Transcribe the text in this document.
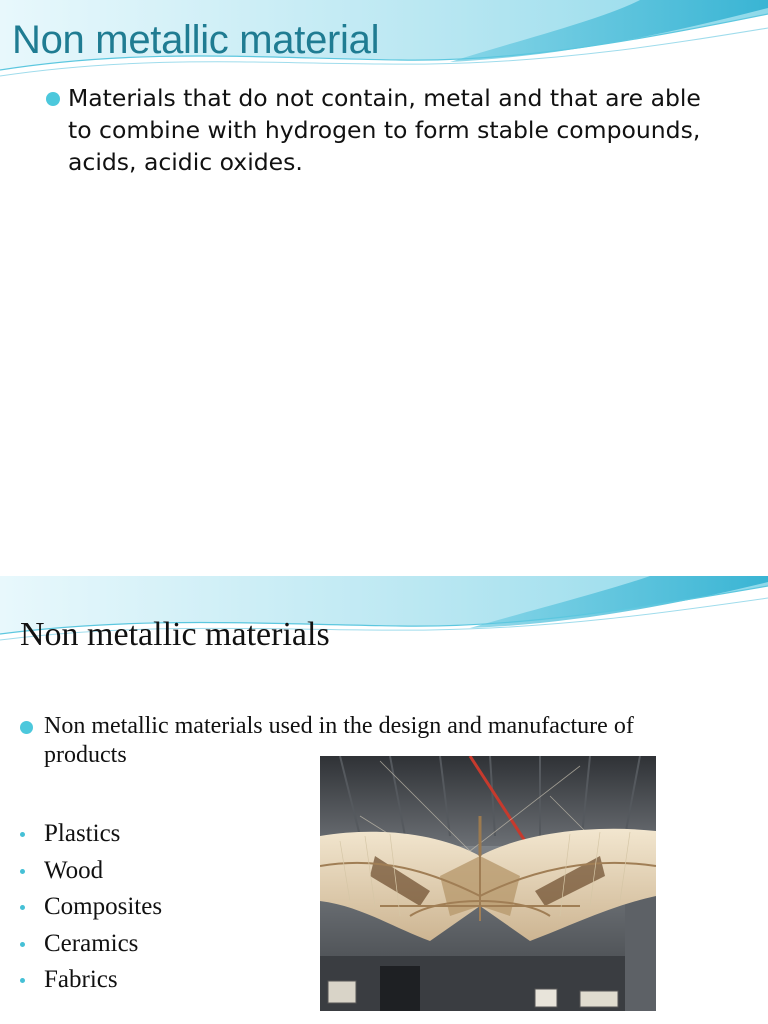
Non metallic material
Materials that do not contain, metal and that are able to combine with hydrogen to form stable compounds, acids, acidic oxides.
Non metallic materials
Non metallic materials used in the design and manufacture of products
Plastics
Wood
Composites
Ceramics
Fabrics
